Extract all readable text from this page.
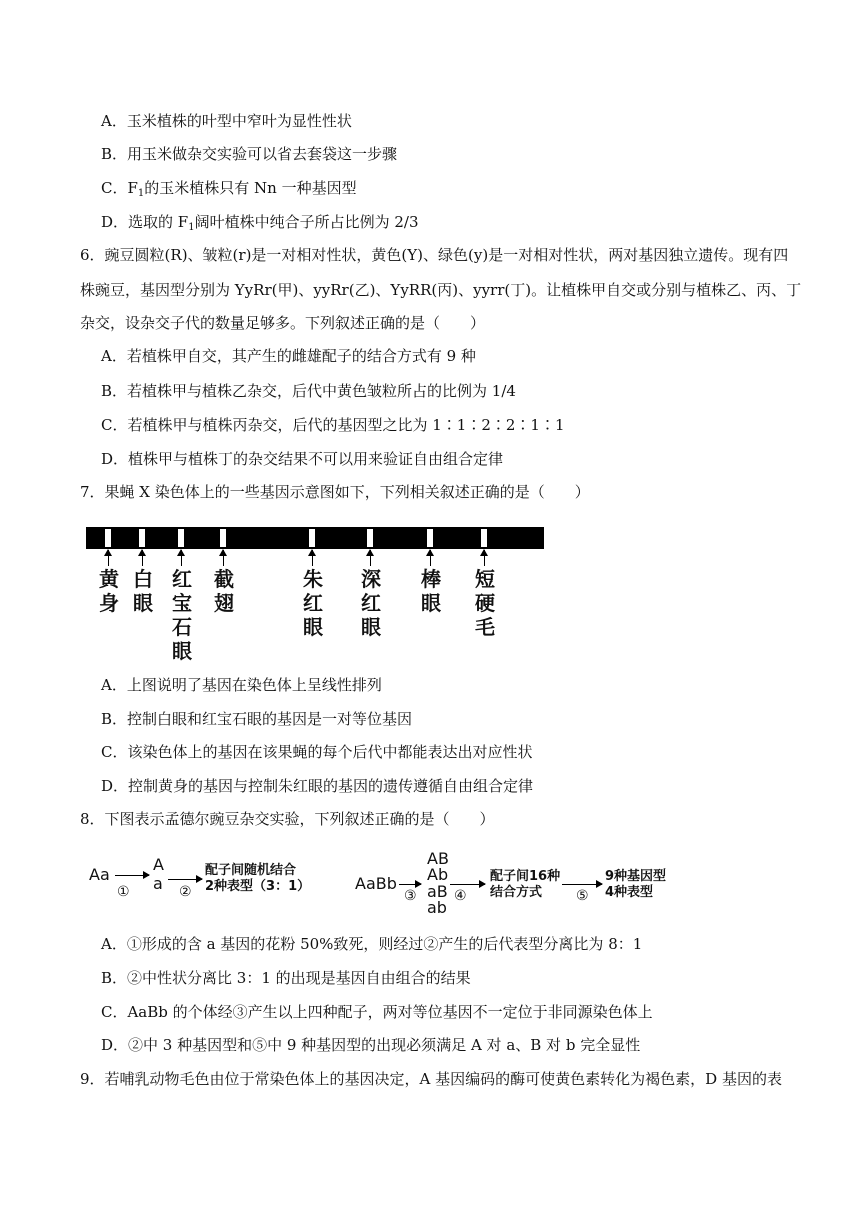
A．玉米植株的叶型中窄叶为显性性状
B．用玉米做杂交实验可以省去套袋这一步骤
C．$F_1$的玉米植株只有 Nn 一种基因型
D．选取的 $F_1$阔叶植株中纯合子所占比例为 2/3
6．豌豆圆粒(R)、皱粒(r)是一对相对性状，黄色(Y)、绿色(y)是一对相对性状，两对基因独立遗传。现有四
株豌豆，基因型分别为 YyRr(甲)、yyRr(乙)、YyRR(丙)、yyrr(丁)。让植株甲自交或分别与植株乙、丙、丁
杂交，设杂交子代的数量足够多。下列叙述正确的是（　　）
A．若植株甲自交，其产生的雌雄配子的结合方式有 9 种
B．若植株甲与植株乙杂交，后代中黄色皱粒所占的比例为 1/4
C．若植株甲与植株丙杂交，后代的基因型之比为 1∶1∶2∶2∶1∶1
D．植株甲与植株丁的杂交结果不可以用来验证自由组合定律
7．果蝇 X 染色体上的一些基因示意图如下，下列相关叙述正确的是（　　）
黄身
白眼
红宝石眼
截翅
朱红眼
深红眼
棒眼
短硬毛
A．上图说明了基因在染色体上呈线性排列
B．控制白眼和红宝石眼的基因是一对等位基因
C．该染色体上的基因在该果蝇的每个后代中都能表达出对应性状
D．控制黄身的基因与控制朱红眼的基因的遗传遵循自由组合定律
8．下图表示孟德尔豌豆杂交实验，下列叙述正确的是（　　）
Aa
①
A
a ②
配子间随机结合
2种表型（3：1）	AaBb
③
AB
Ab
aB
ab
④
配子间16种
结合方式 ⑤
9种基因型
4种表型
A．①形成的含 a 基因的花粉 50%致死，则经过②产生的后代表型分离比为 8：1
B．②中性状分离比 3：1 的出现是基因自由组合的结果
C．AaBb 的个体经③产生以上四种配子，两对等位基因不一定位于非同源染色体上
D．②中 3 种基因型和⑤中 9 种基因型的出现必须满足 A 对 a、B 对 b 完全显性
9．若哺乳动物毛色由位于常染色体上的基因决定，A 基因编码的酶可使黄色素转化为褐色素，D 基因的表
